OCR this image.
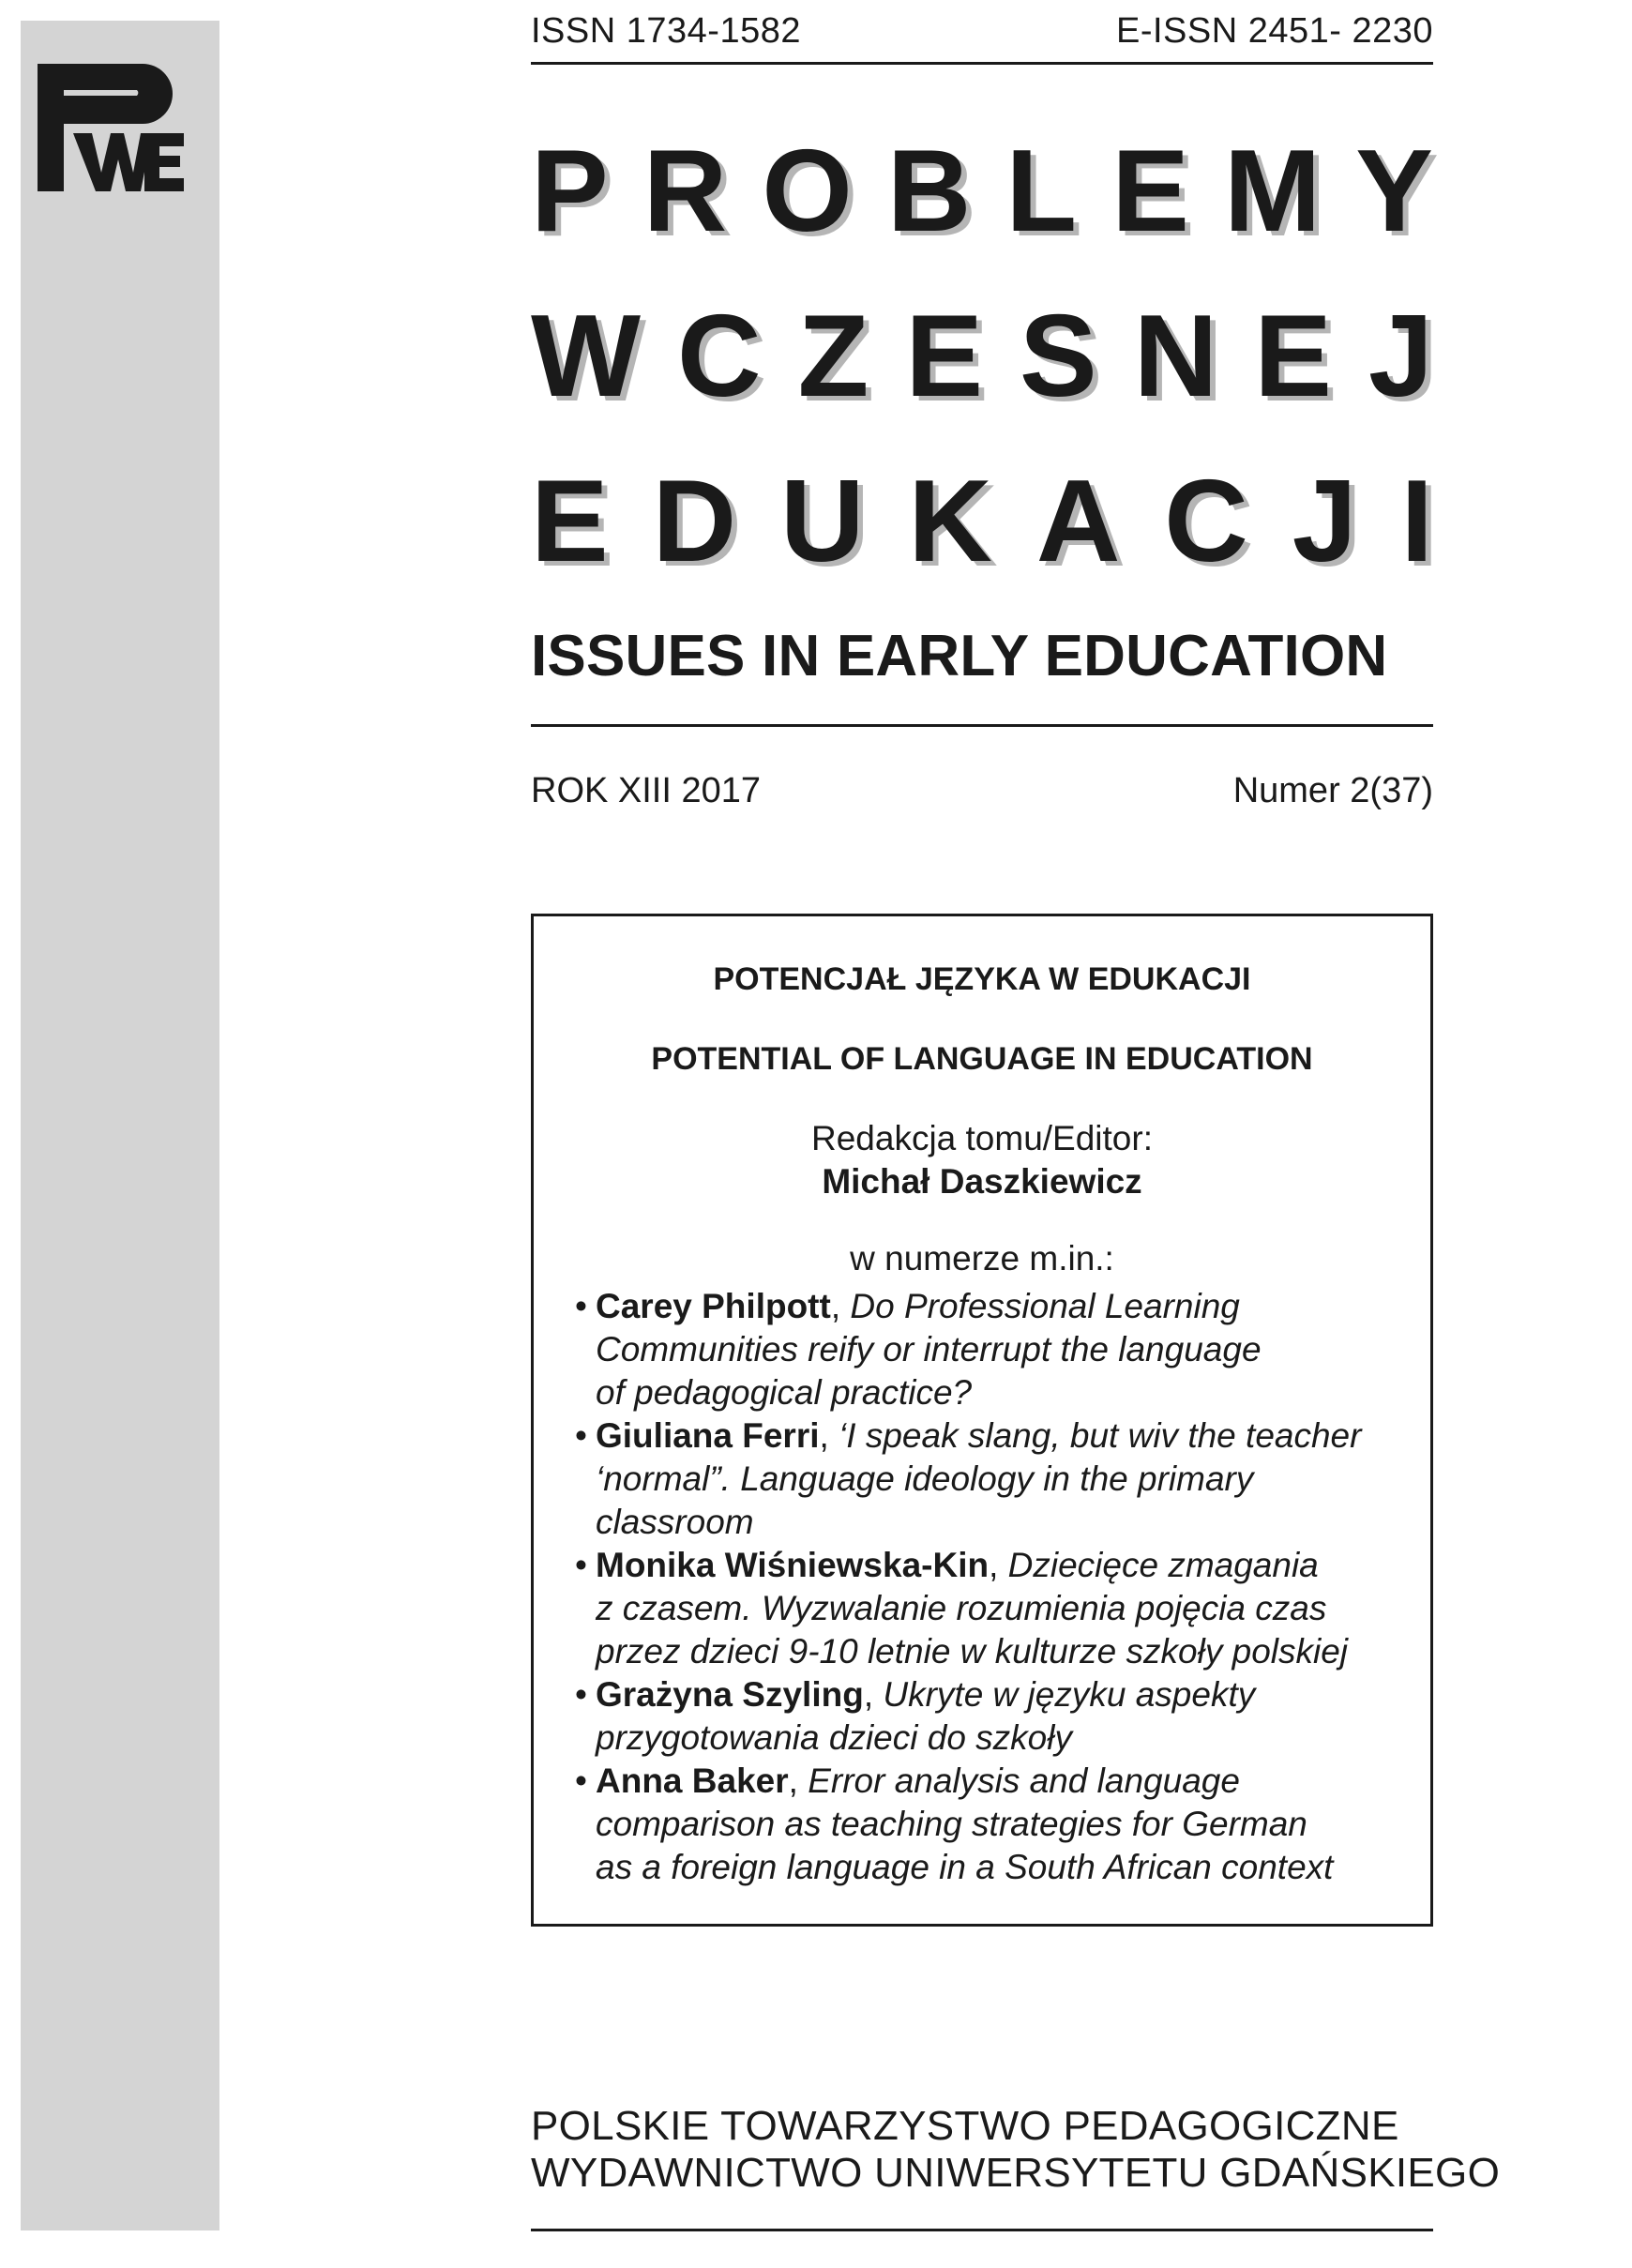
ISSN 1734-1582	E-ISSN 2451- 2230
P R O B L E M Y
W C Z E S N E J
E D U K A C J I
ISSUES IN EARLY EDUCATION
ROK XIII 2017	Numer 2(37)
POTENCJAŁ JĘZYKA W EDUKACJI
POTENTIAL OF LANGUAGE IN EDUCATION
Redakcja tomu/Editor:
Michał Daszkiewicz
w numerze m.in.:
• Carey Philpott, Do Professional Learning
Communities reify or interrupt the language
of pedagogical practice?
• Giuliana Ferri, ‘I speak slang, but wiv the teacher
‘normal”. Language ideology in the primary
classroom
• Monika Wiśniewska-Kin, Dziecięce zmagania
z czasem. Wyzwalanie rozumienia pojęcia czas
przez dzieci 9-10 letnie w kulturze szkoły polskiej
• Grażyna Szyling, Ukryte w języku aspekty
przygotowania dzieci do szkoły
• Anna Baker, Error analysis and language
comparison as teaching strategies for German
as a foreign language in a South African context
POLSKIE TOWARZYSTWO PEDAGOGICZNE
WYDAWNICTWO UNIWERSYTETU GDAŃSKIEGO
